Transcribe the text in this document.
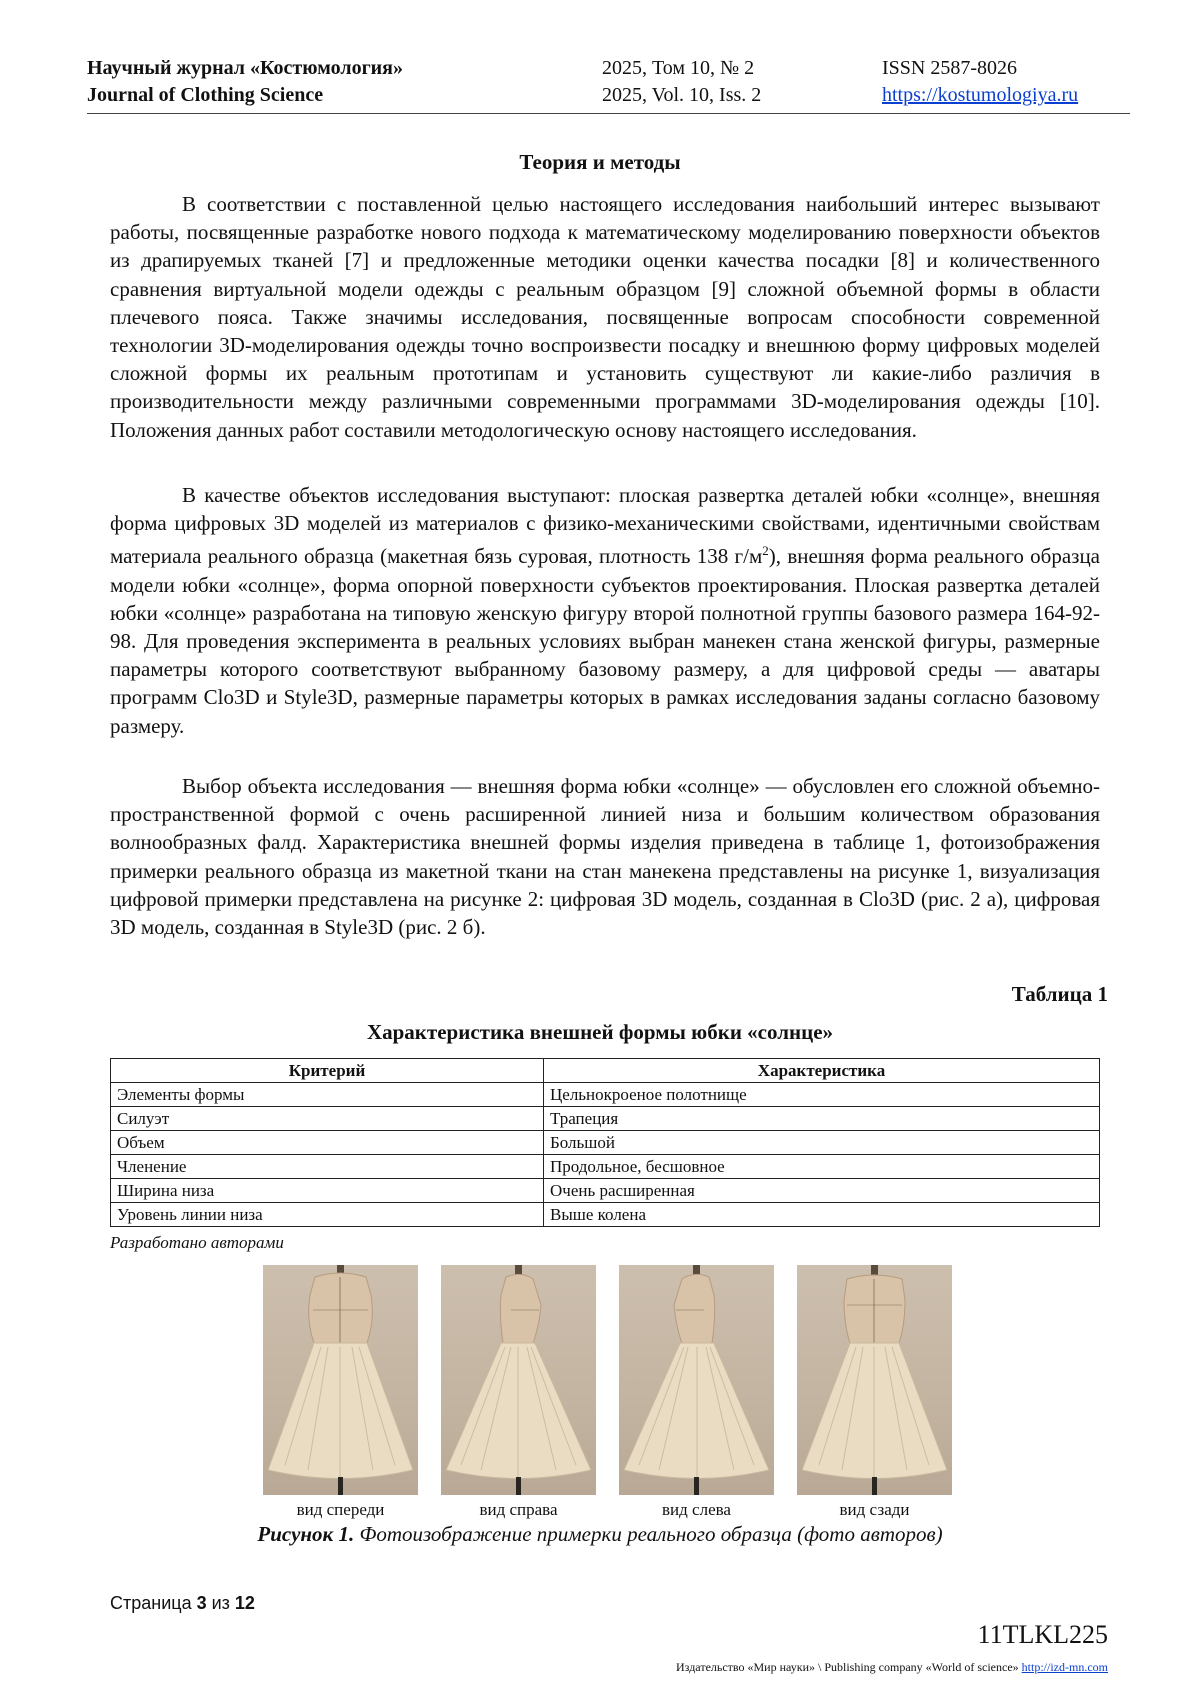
Научный журнал «Костюмология»
Journal of Clothing Science
2025, Том 10, № 2
2025, Vol. 10, Iss. 2
ISSN 2587-8026
https://kostumologiya.ru
Теория и методы

В соответствии с поставленной целью настоящего исследования наибольший интерес вызывают работы, посвященные разработке нового подхода к математическому моделированию поверхности объектов из драпируемых тканей [7] и предложенные методики оценки качества посадки [8] и количественного сравнения виртуальной модели одежды с реальным образцом [9] сложной объемной формы в области плечевого пояса. Также значимы исследования, посвященные вопросам способности современной технологии 3D-моделирования одежды точно воспроизвести посадку и внешнюю форму цифровых моделей сложной формы их реальным прототипам и установить существуют ли какие-либо различия в производительности между различными современными программами 3D-моделирования одежды [10]. Положения данных работ составили методологическую основу настоящего исследования.

В качестве объектов исследования выступают: плоская развертка деталей юбки «солнце», внешняя форма цифровых 3D моделей из материалов с физико-механическими свойствами, идентичными свойствам материала реального образца (макетная бязь суровая, плотность 138 $г/м^2$), внешняя форма реального образца модели юбки «солнце», форма опорной поверхности субъектов проектирования. Плоская развертка деталей юбки «солнце» разработана на типовую женскую фигуру второй полнотной группы базового размера 164-92-98. Для проведения эксперимента в реальных условиях выбран манекен стана женской фигуры, размерные параметры которого соответствуют выбранному базовому размеру, а для цифровой среды — аватары программ Clo3D и Style3D, размерные параметры которых в рамках исследования заданы согласно базовому размеру.

Выбор объекта исследования — внешняя форма юбки «солнце» — обусловлен его сложной объемно-пространственной формой с очень расширенной линией низа и большим количеством образования волнообразных фалд. Характеристика внешней формы изделия приведена в таблице 1, фотоизображения примерки реального образца из макетной ткани на стан манекена представлены на рисунке 1, визуализация цифровой примерки представлена на рисунке 2: цифровая 3D модель, созданная в Clo3D (рис. 2 а), цифровая 3D модель, созданная в Style3D (рис. 2 б).

Таблица 1
Характеристика внешней формы юбки «солнце»
Критерий	Характеристика
Элементы формы	Цельнокроеное полотнище
Силуэт	Трапеция
Объем	Большой
Членение	Продольное, бесшовное
Ширина низа	Очень расширенная
Уровень линии низа	Выше колена
Разработано авторами
вид спереди	вид справа	вид слева	вид сзади
Рисунок 1. Фотоизображение примерки реального образца (фото авторов)
Страница 3 из 12
11TLKL225
Издательство «Мир науки» \ Publishing company «World of science» http://izd-mn.com
